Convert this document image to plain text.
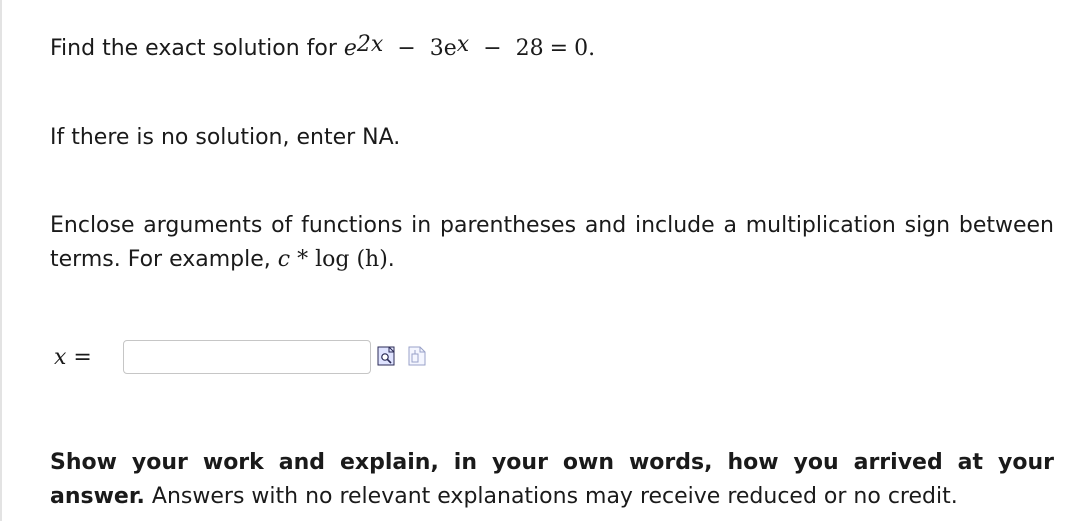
Find the exact solution for $e^{2x} - 3e^x - 28 = 0$.

If there is no solution, enter NA.

Enclose arguments of functions in parentheses and include a multiplication sign between terms. For example, c * log (h).

x =

Show your work and explain, in your own words, how you arrived at your answer. Answers with no relevant explanations may receive reduced or no credit.
